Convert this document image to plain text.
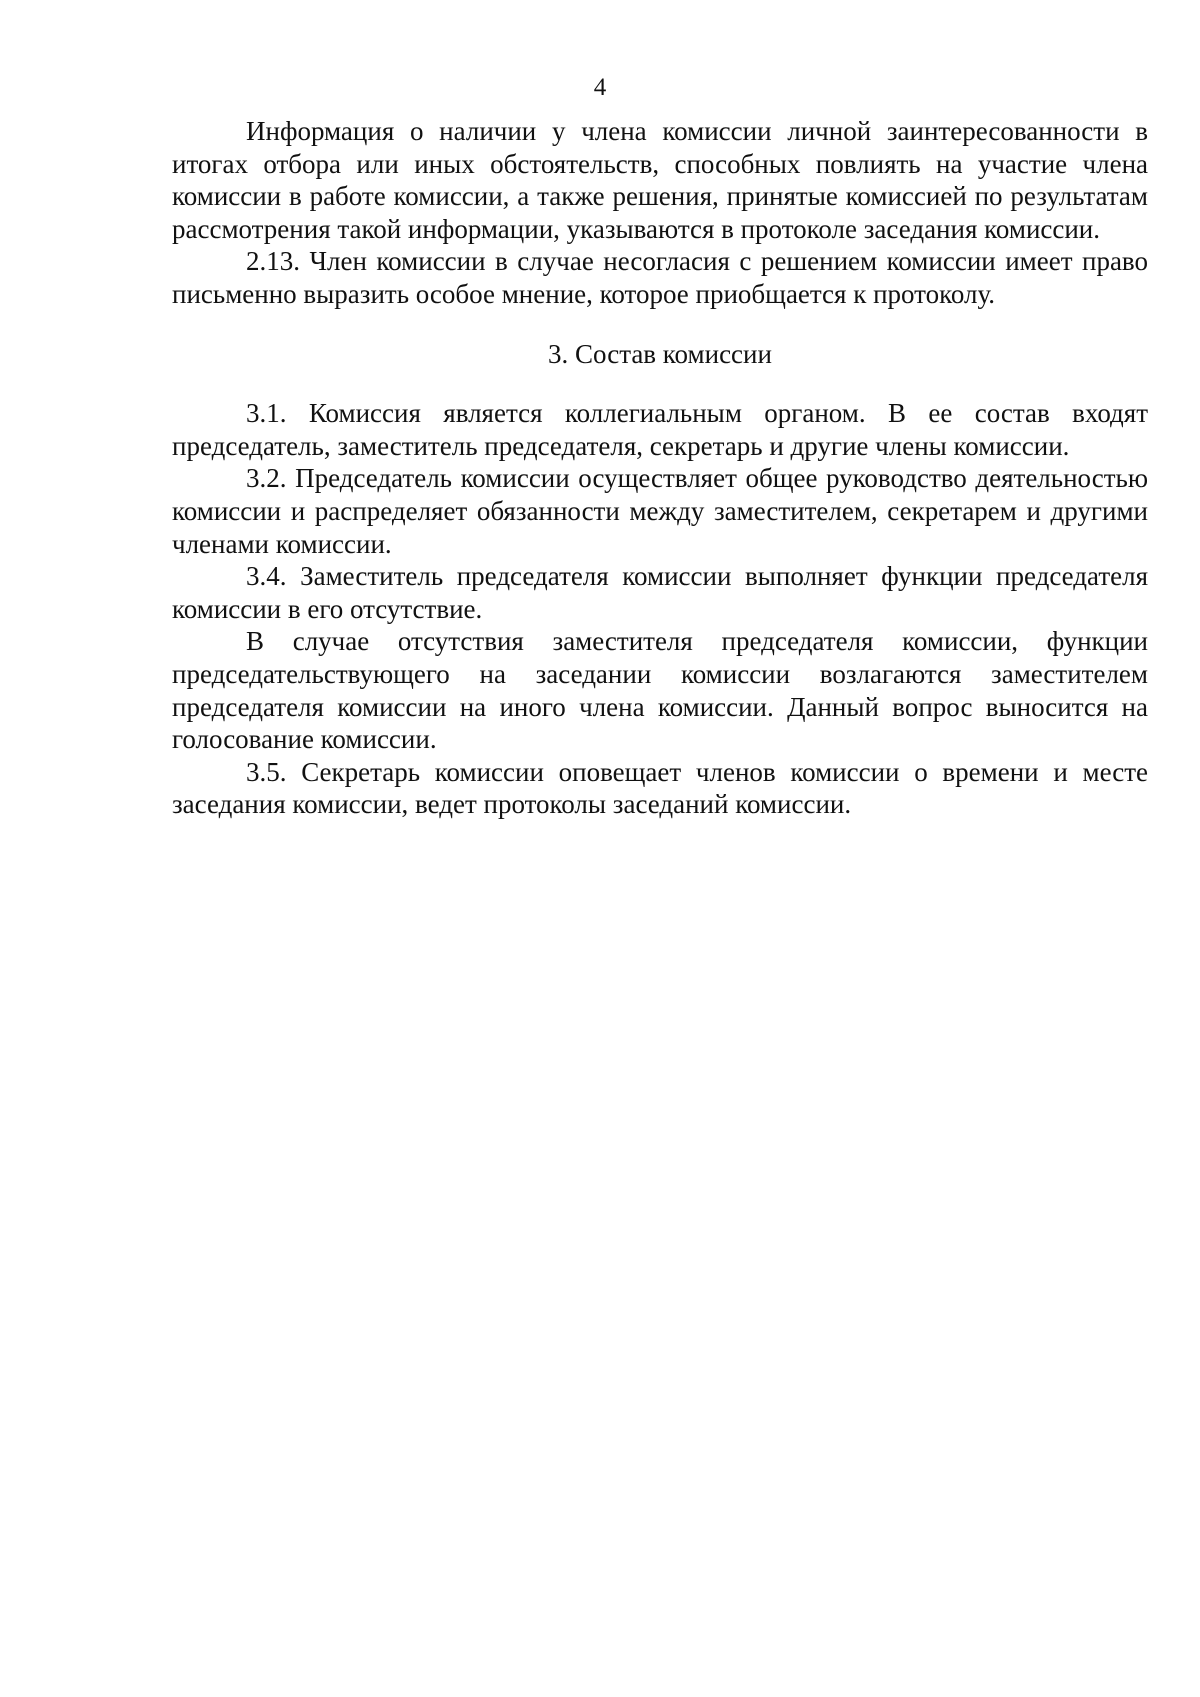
4

Информация о наличии у члена комиссии личной заинтересованности в итогах отбора или иных обстоятельств, способных повлиять на участие члена комиссии в работе комиссии, а также решения, принятые комиссией по результатам рассмотрения такой информации, указываются в протоколе заседания комиссии.

2.13. Член комиссии в случае несогласия с решением комиссии имеет право письменно выразить особое мнение, которое приобщается к протоколу.

3. Состав комиссии

3.1. Комиссия является коллегиальным органом. В ее состав входят председатель, заместитель председателя, секретарь и другие члены комиссии.

3.2. Председатель комиссии осуществляет общее руководство деятельностью комиссии и распределяет обязанности между заместителем, секретарем и другими членами комиссии.

3.4. Заместитель председателя комиссии выполняет функции председателя комиссии в его отсутствие.

В случае отсутствия заместителя председателя комиссии, функции председательствующего на заседании комиссии возлагаются заместителем председателя комиссии на иного члена комиссии. Данный вопрос выносится на голосование комиссии.

3.5. Секретарь комиссии оповещает членов комиссии о времени и месте заседания комиссии, ведет протоколы заседаний комиссии.
